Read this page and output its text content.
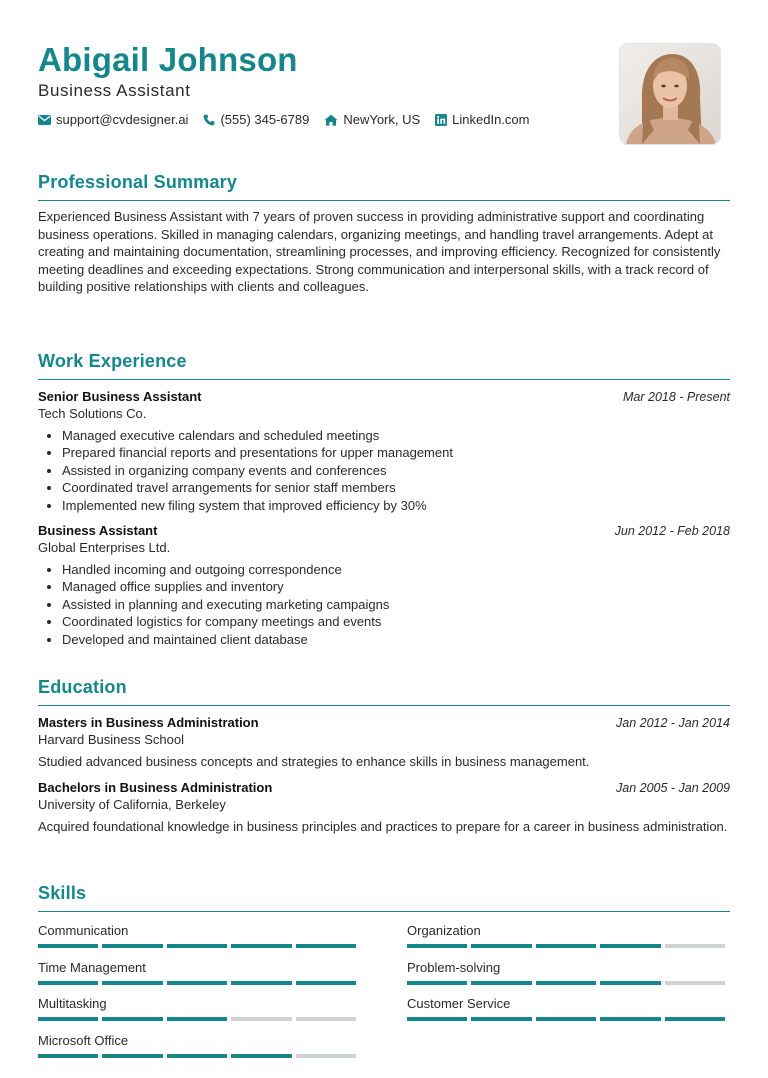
Abigail Johnson
Business Assistant
support@cvdesigner.ai (555) 345-6789	NewYork, US LinkedIn.com
Professional Summary
Experienced Business Assistant with 7 years of proven success in providing administrative support and coordinating business operations. Skilled in managing calendars, organizing meetings, and handling travel arrangements. Adept at creating and maintaining documentation, streamlining processes, and improving efficiency. Recognized for consistently meeting deadlines and exceeding expectations. Strong communication and interpersonal skills, with a track record of building positive relationships with clients and colleagues.
Work Experience
Senior Business Assistant	Mar 2018 - Present
Tech Solutions Co.
• Managed executive calendars and scheduled meetings
• Prepared financial reports and presentations for upper management
• Assisted in organizing company events and conferences
• Coordinated travel arrangements for senior staff members
• Implemented new filing system that improved efficiency by 30%
Business Assistant	Jun 2012 - Feb 2018
Global Enterprises Ltd.
• Handled incoming and outgoing correspondence
• Managed office supplies and inventory
• Assisted in planning and executing marketing campaigns
• Coordinated logistics for company meetings and events
• Developed and maintained client database
Education
Masters in Business Administration	Jan 2012 - Jan 2014
Harvard Business School
Studied advanced business concepts and strategies to enhance skills in business management.
Bachelors in Business Administration	Jan 2005 - Jan 2009
University of California, Berkeley
Acquired foundational knowledge in business principles and practices to prepare for a career in business administration.
Skills
Communication	Organization
Time Management	Problem-solving
Multitasking	Customer Service
Microsoft Office
